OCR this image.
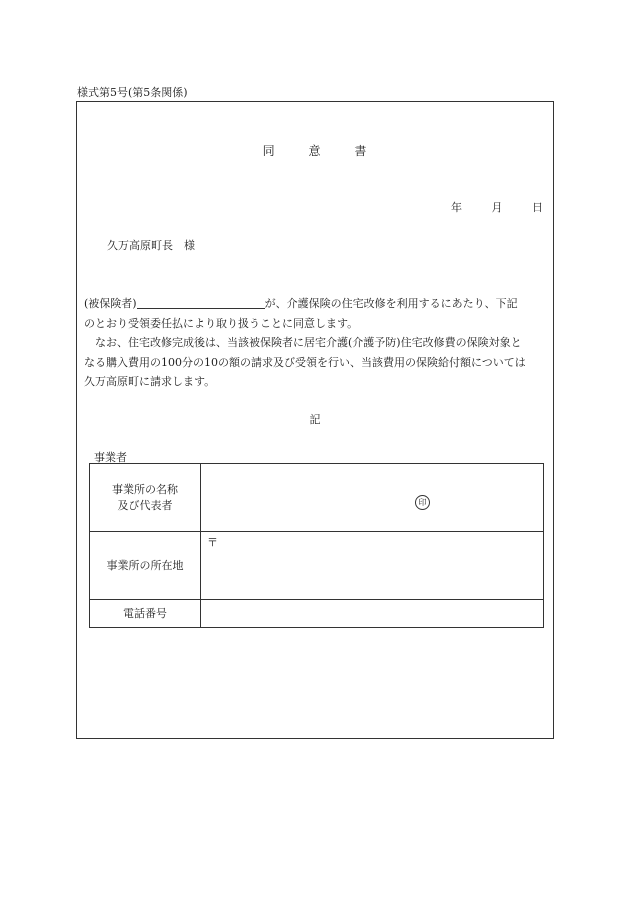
様式第5号(第5条関係)
同	意	書
年	月	日
久万高原町長　様

(被保険者)	が、介護保険の住宅改修を利用するにあたり、下記

のとおり受領委任払により取り扱うことに同意します。

なお、住宅改修完成後は、当該被保険者に居宅介護(介護予防)住宅改修費の保険対象と

なる購入費用の100分の10の額の請求及び受領を行い、当該費用の保険給付額については

久万高原町に請求します。

記
事業者
事業所の名称
及び代表者	印

事業所の所在地	〒

電話番号	
